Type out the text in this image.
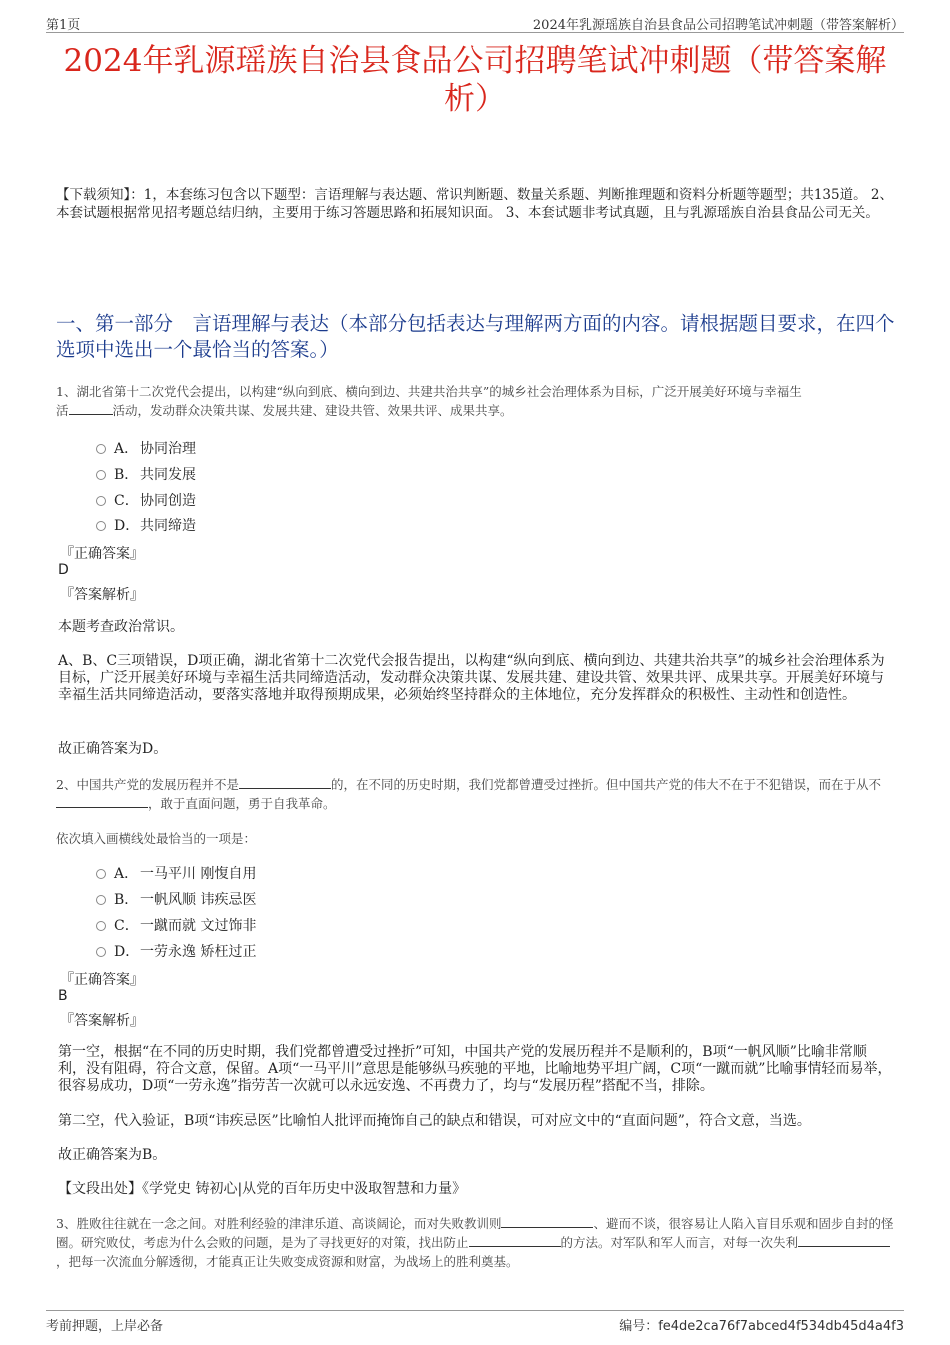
第1页	2024年乳源瑶族自治县食品公司招聘笔试冲刺题（带答案解析）
2024年乳源瑶族自治县食品公司招聘笔试冲刺题（带答案解析）
【下载须知】：1，本套练习包含以下题型：言语理解与表达题、常识判断题、数量关系题、判断推理题和资料分析题等题型；共135道。 2、本套试题根据常见招考题总结归纳，主要用于练习答题思路和拓展知识面。 3、本套试题非考试真题，且与乳源瑶族自治县食品公司无关。
一、第一部分　言语理解与表达（本部分包括表达与理解两方面的内容。请根据题目要求，在四个选项中选出一个最恰当的答案。）
1、湖北省第十二次党代会提出，以构建“纵向到底、横向到边、共建共治共享”的城乡社会治理体系为目标，广泛开展美好环境与幸福生

活	活动，发动群众决策共谋、发展共建、建设共管、效果共评、成果共享。
A． 协同治理
B． 共同发展
C．协同创造
D．共同缔造
『正确答案』
D
『答案解析』
本题考查政治常识。
A、B、C三项错误，D项正确，湖北省第十二次党代会报告提出，以构建“纵向到底、横向到边、共建共治共享”的城乡社会治理体系为目标，广泛开展美好环境与幸福生活共同缔造活动，发动群众决策共谋、发展共建、建设共管、效果共评、成果共享。开展美好环境与幸福生活共同缔造活动，要落实落地并取得预期成果，必须始终坚持群众的主体地位，充分发挥群众的积极性、主动性和创造性。
故正确答案为D。
2、中国共产党的发展历程并不是	的，在不同的历史时期，我们党都曾遭受过挫折。但中国共产党的伟大不在于不犯错误，而在于从不，敢于直面问题，勇于自我革命。
依次填入画横线处最恰当的一项是：
A． 一马平川 刚愎自用
B． 一帆风顺 讳疾忌医
C．一蹴而就 文过饰非
D．一劳永逸 矫枉过正
『正确答案』
B
『答案解析』
第一空，根据“在不同的历史时期，我们党都曾遭受过挫折”可知，中国共产党的发展历程并不是顺利的，B项“一帆风顺”比喻非常顺利，没有阻碍，符合文意，保留。A项“一马平川”意思是能够纵马疾驰的平地，比喻地势平坦广阔，C项“一蹴而就”比喻事情轻而易举，很容易成功，D项“一劳永逸”指劳苦一次就可以永远安逸、不再费力了，均与“发展历程”搭配不当，排除。
第二空，代入验证，B项“讳疾忌医”比喻怕人批评而掩饰自己的缺点和错误，可对应文中的“直面问题”，符合文意，当选。
故正确答案为B。
【文段出处】《学党史 铸初心|从党的百年历史中汲取智慧和力量》
3、胜败往往就在一念之间。对胜利经验的津津乐道、高谈阔论，而对失败教训则	、避而不谈，很容易让人陷入盲目乐观和固步自封的怪圈。研究败仗，考虑为什么会败的问题，是为了寻找更好的对策，找出防止	的方法。对军队和军人而言，对每一次失利，把每一次流血分解透彻，才能真正让失败变成资源和财富，为战场上的胜利奠基。
考前押题，上岸必备	编号：fe4de2ca76f7abced4f534db45d4a4f3
